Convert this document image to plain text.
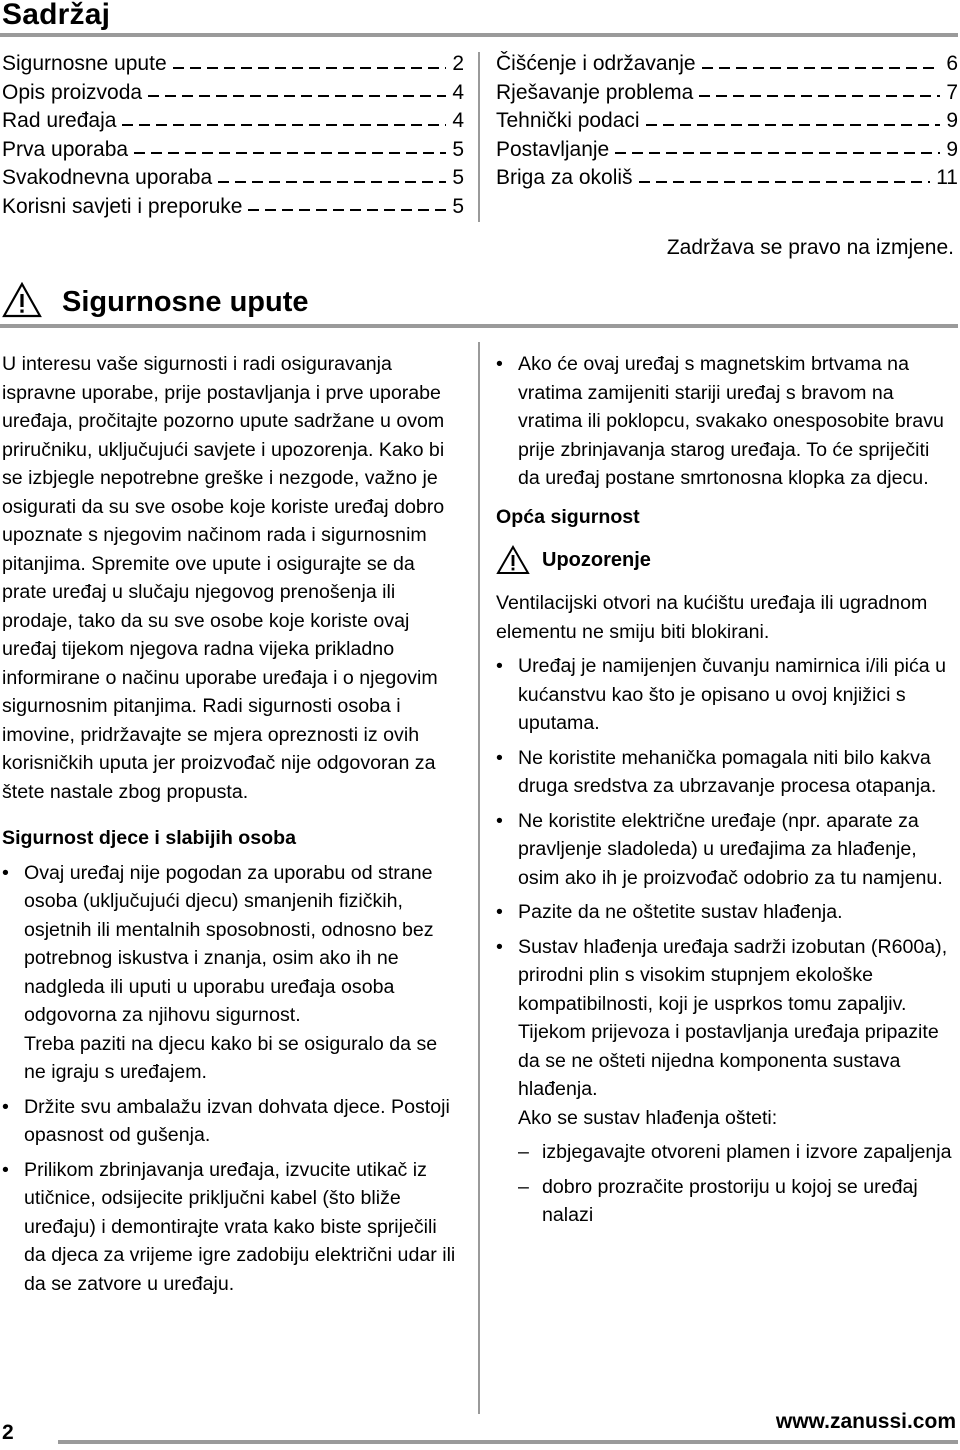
Sadržaj
Sigurnosne upute	2
Opis proizvoda	4
Rad uređaja	4
Prva uporaba	5
Svakodnevna uporaba	5
Korisni savjeti i preporuke	5
Čišćenje i održavanje	6
Rješavanje problema	7
Tehnički podaci	9
Postavljanje	9
Briga za okoliš	11
Zadržava se pravo na izmjene.
Sigurnosne upute

U interesu vaše sigurnosti i radi osiguravanja ispravne uporabe, prije postavljanja i prve uporabe uređaja, pročitajte pozorno upute sadržane u ovom priručniku, uključujući savjete i upozorenja. Kako bi se izbjegle nepotrebne greške i nezgode, važno je osigurati da su sve osobe koje koriste uređaj dobro upoznate s njegovim načinom rada i sigurnosnim pitanjima. Spremite ove upute i osigurajte se da prate uređaj u slučaju njegovog prenošenja ili prodaje, tako da su sve osobe koje koriste ovaj uređaj tijekom njegova radna vijeka prikladno informirane o načinu uporabe uređaja i o njegovim sigurnosnim pitanjima. Radi sigurnosti osoba i imovine, pridržavajte se mjera opreznosti iz ovih korisničkih uputa jer proizvođač nije odgovoran za štete nastale zbog propusta.

Sigurnost djece i slabijih osoba

• Ovaj uređaj nije pogodan za uporabu od strane osoba (uključujući djecu) smanjenih fizičkih, osjetnih ili mentalnih sposobnosti, odnosno bez potrebnog iskustva i znanja, osim ako ih ne nadgleda ili uputi u uporabu uređaja osoba odgovorna za njihovu sigurnost.
Treba paziti na djecu kako bi se osiguralo da se ne igraju s uređajem.
• Držite svu ambalažu izvan dohvata djece. Postoji opasnost od gušenja.
• Prilikom zbrinjavanja uređaja, izvucite utikač iz utičnice, odsijecite priključni kabel (što bliže uređaju) i demontirajte vrata kako biste spriječili da djeca za vrijeme igre zadobiju električni udar ili da se zatvore u uređaju.
• Ako će ovaj uređaj s magnetskim brtvama na vratima zamijeniti stariji uređaj s bravom na vratima ili poklopcu, svakako onesposobite bravu prije zbrinjavanja starog uređaja. To će spriječiti da uređaj postane smrtonosna klopka za djecu.

Opća sigurnost

Upozorenje

Ventilacijski otvori na kućištu uređaja ili ugradnom elementu ne smiju biti blokirani.

• Uređaj je namijenjen čuvanju namirnica i/ili pića u kućanstvu kao što je opisano u ovoj knjižici s uputama.
• Ne koristite mehanička pomagala niti bilo kakva druga sredstva za ubrzavanje procesa otapanja.
• Ne koristite električne uređaje (npr. aparate za pravljenje sladoleda) u uređajima za hlađenje, osim ako ih je proizvođač odobrio za tu namjenu.
• Pazite da ne oštetite sustav hlađenja.
• Sustav hlađenja uređaja sadrži izobutan (R600a), prirodni plin s visokim stupnjem ekološke kompatibilnosti, koji je usprkos tomu zapaljiv.
Tijekom prijevoza i postavljanja uređaja pripazite da se ne ošteti nijedna komponenta sustava hlađenja.
Ako se sustav hlađenja ošteti:
– izbjegavajte otvoreni plamen i izvore zapaljenja
– dobro prozračite prostoriju u kojoj se uređaj nalazi
2	www.zanussi.com
